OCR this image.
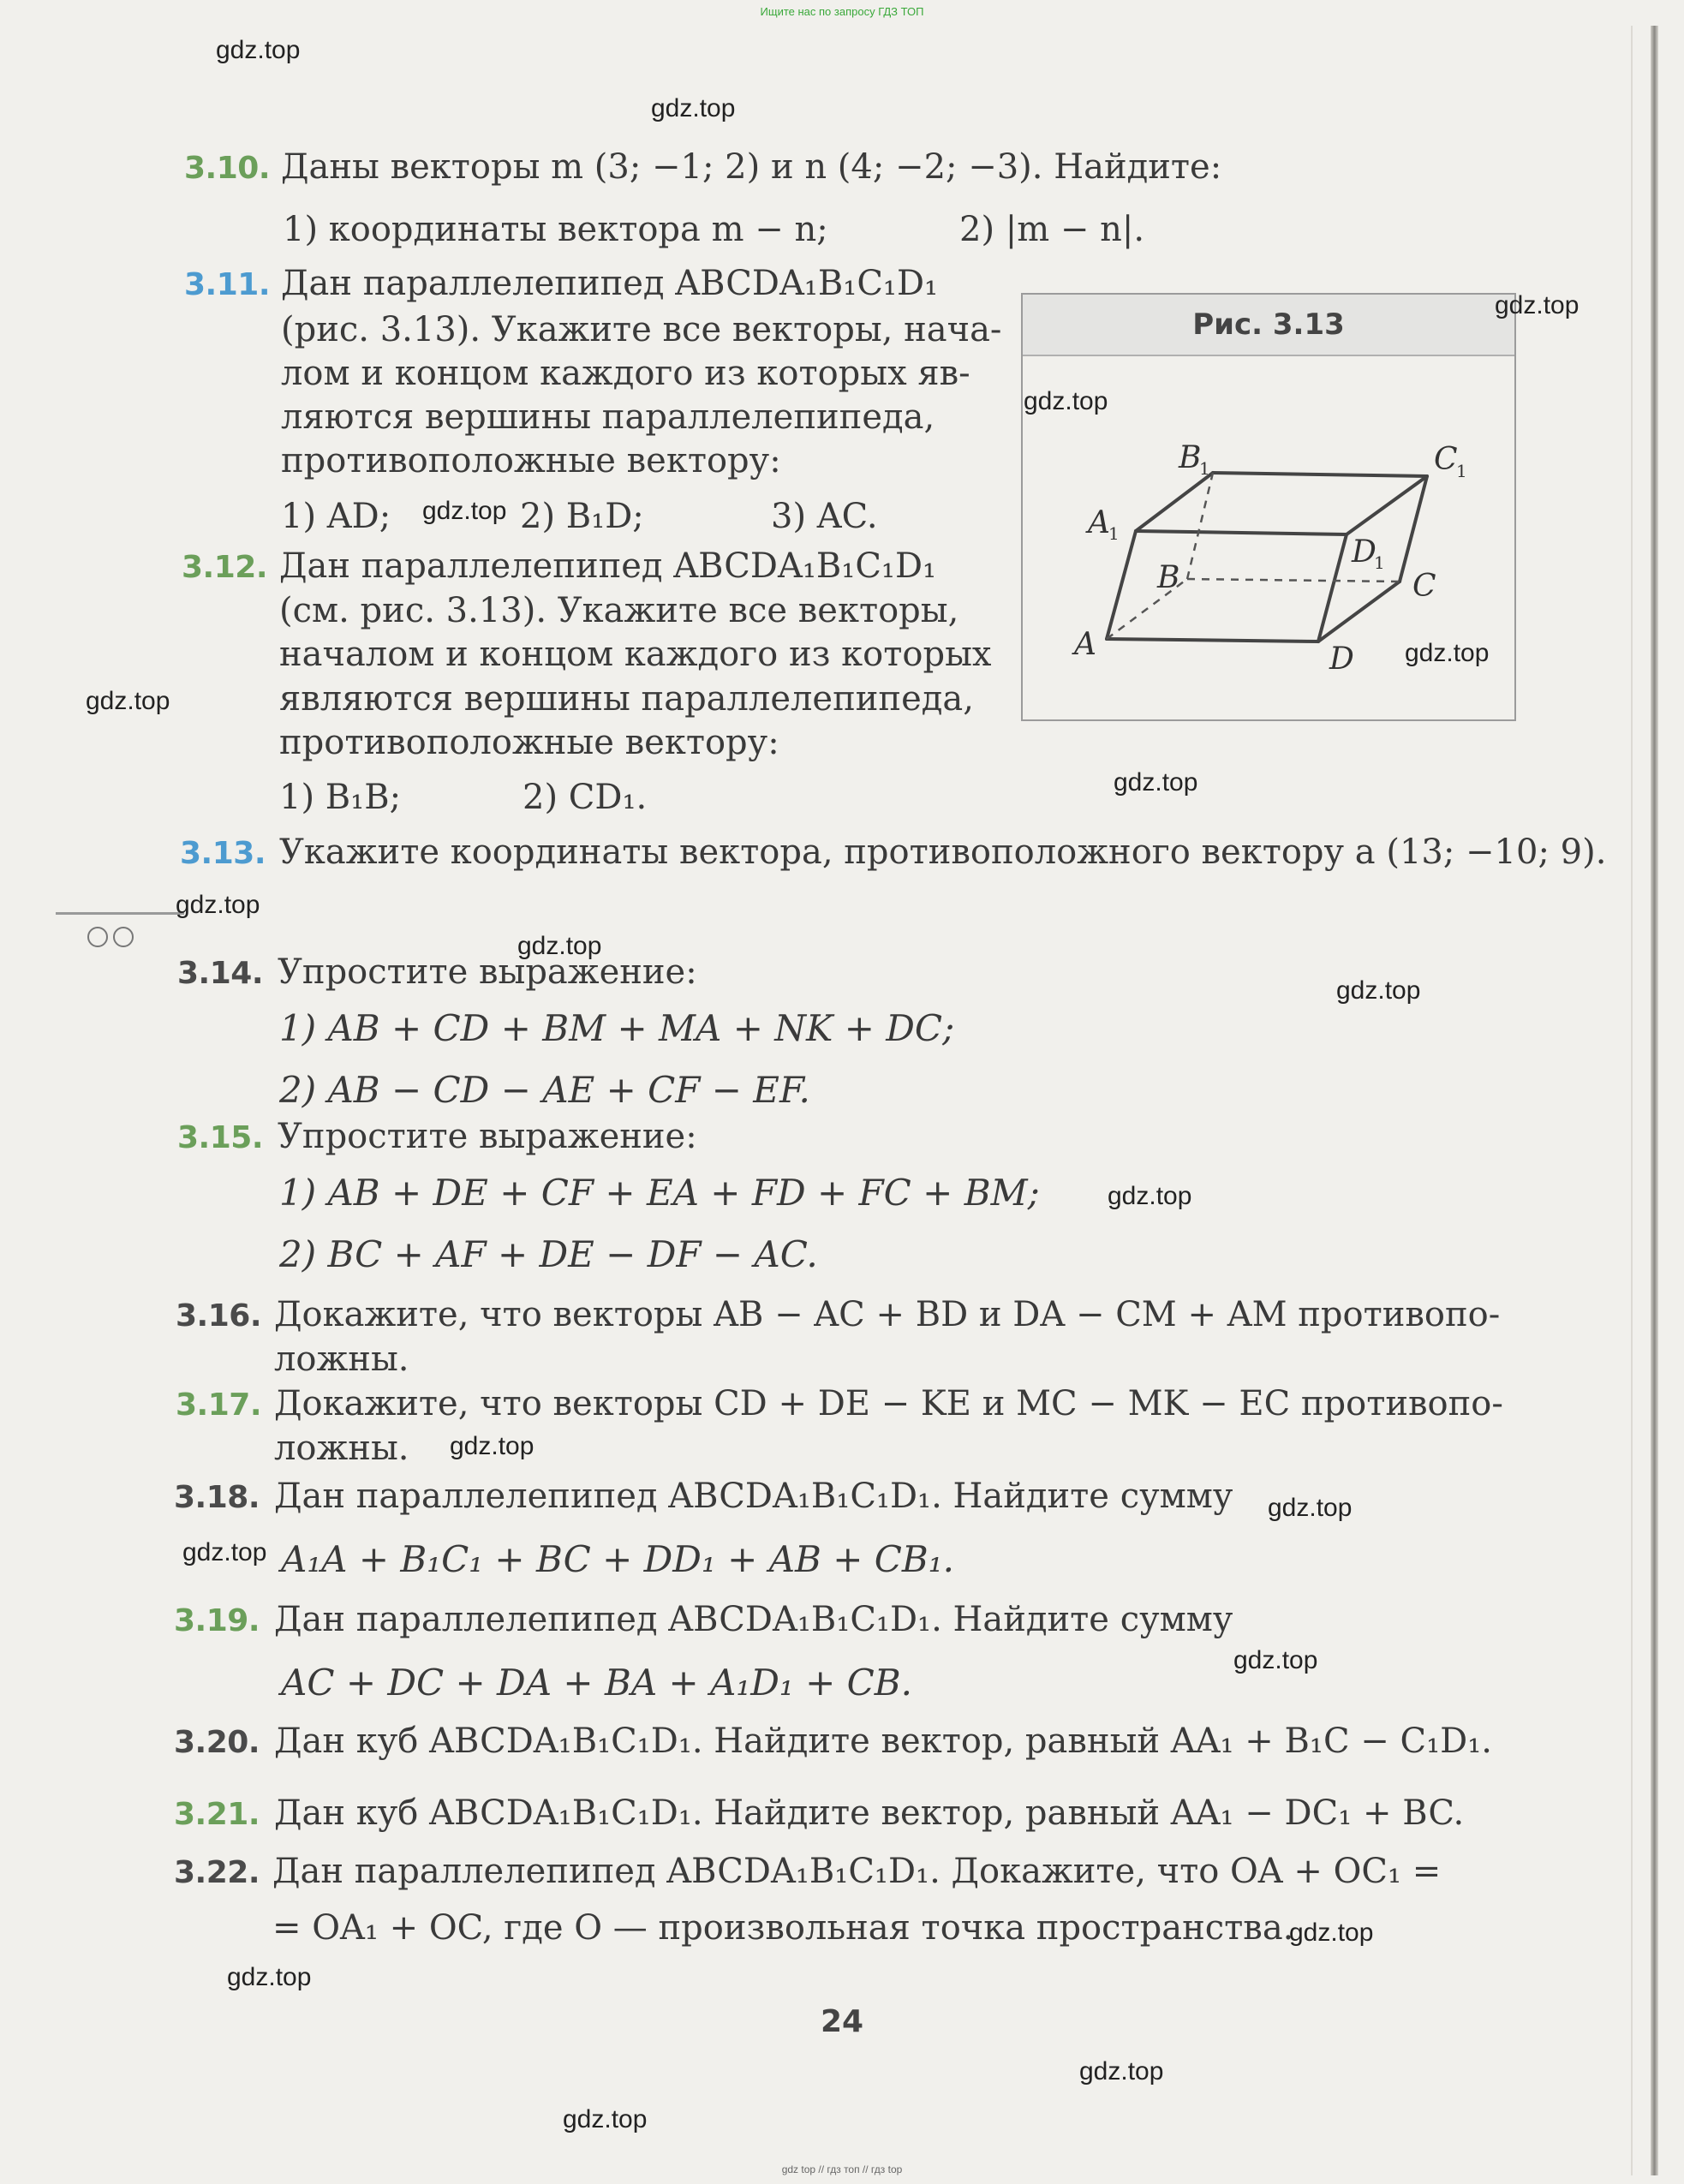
Ищите нас по запросу ГДЗ ТОП
gdz.top
gdz.top
gdz.top
gdz.top
gdz.top
gdz.top
gdz.top
gdz.top
gdz.top
gdz.top
gdz.top
gdz.top
gdz.top
gdz.top
gdz.top
gdz.top
gdz.top
gdz.top
gdz.top
gdz.top
3.10. Даны векторы m (3; −1; 2) и n (4; −2; −3). Найдите:
1) координаты вектора m − n;	2) |m − n|.
3.11. Дан параллелепипед ABCDA₁B₁C₁D₁
(рис. 3.13). Укажите все векторы, нача-
лом и концом каждого из которых яв-
ляются вершины параллелепипеда,
противоположные вектору:
1) AD;	2) B₁D;	3) AC.
Рис. 3.13
A	D
C
B
A
1
B
1	C
1
D
1
3.12. Дан параллелепипед ABCDA₁B₁C₁D₁
(см. рис. 3.13). Укажите все векторы,
началом и концом каждого из которых
являются вершины параллелепипеда,
противоположные вектору:
1) B₁B;	2) CD₁.
3.13. Укажите координаты вектора, противоположного вектору a (13; −10; 9).
3.14. Упростите выражение:
1) AB + CD + BM + MA + NK + DC;
2) AB − CD − AE + CF − EF.
3.15. Упростите выражение:
1) AB + DE + CF + EA + FD + FC + BM;
2) BC + AF + DE − DF − AC.
3.16. Докажите, что векторы AB − AC + BD и DA − CM + AM противопо-
ложны.
3.17. Докажите, что векторы CD + DE − KE и MC − MK − EC противопо-
ложны.
3.18. Дан параллелепипед ABCDA₁B₁C₁D₁. Найдите сумму
A₁A + B₁C₁ + BC + DD₁ + AB + CB₁.
3.19. Дан параллелепипед ABCDA₁B₁C₁D₁. Найдите сумму
AC + DC + DA + BA + A₁D₁ + CB.
3.20. Дан куб ABCDA₁B₁C₁D₁. Найдите вектор, равный AA₁ + B₁C − C₁D₁.
3.21. Дан куб ABCDA₁B₁C₁D₁. Найдите вектор, равный AA₁ − DC₁ + BC.
3.22. Дан параллелепипед ABCDA₁B₁C₁D₁. Докажите, что OA + OC₁ =
= OA₁ + OC, где O — произвольная точка пространства.
24
gdz top // гдз топ // гдз top
